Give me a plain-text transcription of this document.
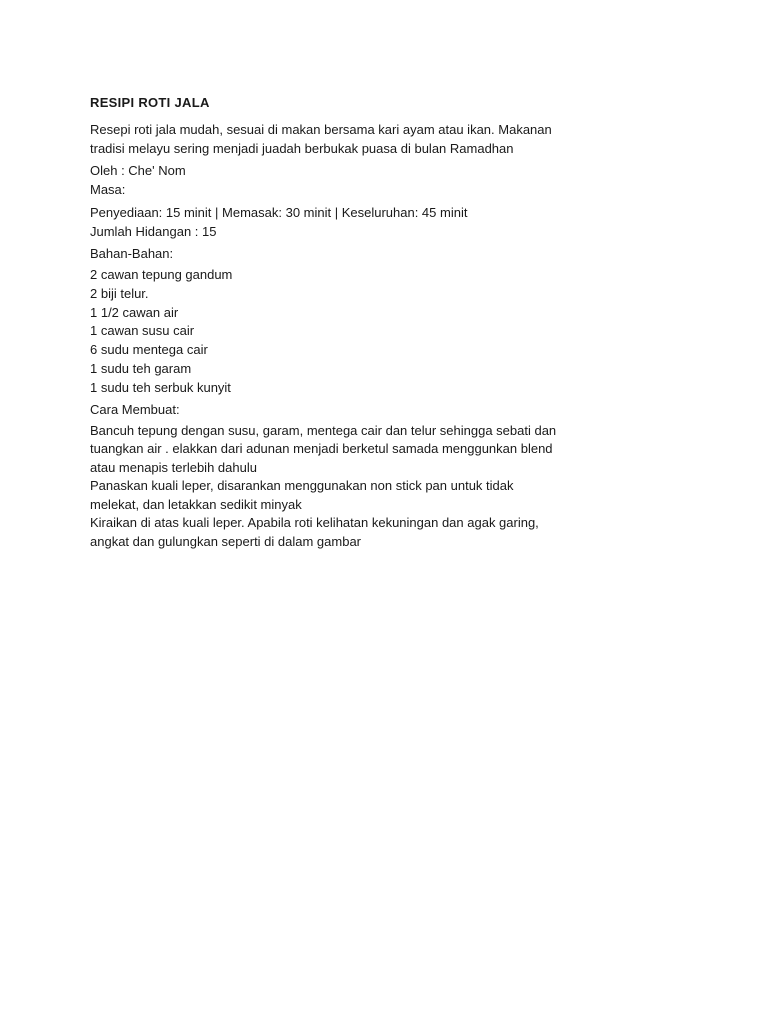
RESIPI ROTI JALA
Resepi roti jala mudah, sesuai di makan bersama kari ayam atau ikan. Makanan
tradisi melayu sering menjadi juadah berbukak puasa di bulan Ramadhan
Oleh : Che' Nom
Masa:
Penyediaan: 15 minit | Memasak: 30 minit | Keseluruhan: 45 minit
Jumlah Hidangan : 15
Bahan-Bahan:
2 cawan tepung gandum
2 biji telur.
1 1/2 cawan air
1 cawan susu cair
6 sudu mentega cair
1 sudu teh garam
1 sudu teh serbuk kunyit
Cara Membuat:
Bancuh tepung dengan susu, garam, mentega cair dan telur sehingga sebati dan
tuangkan air . elakkan dari adunan menjadi berketul samada menggunkan blend
atau menapis terlebih dahulu
Panaskan kuali leper, disarankan menggunakan non stick pan untuk tidak
melekat, dan letakkan sedikit minyak
Kiraikan di atas kuali leper. Apabila roti kelihatan kekuningan dan agak garing,
angkat dan gulungkan seperti di dalam gambar
